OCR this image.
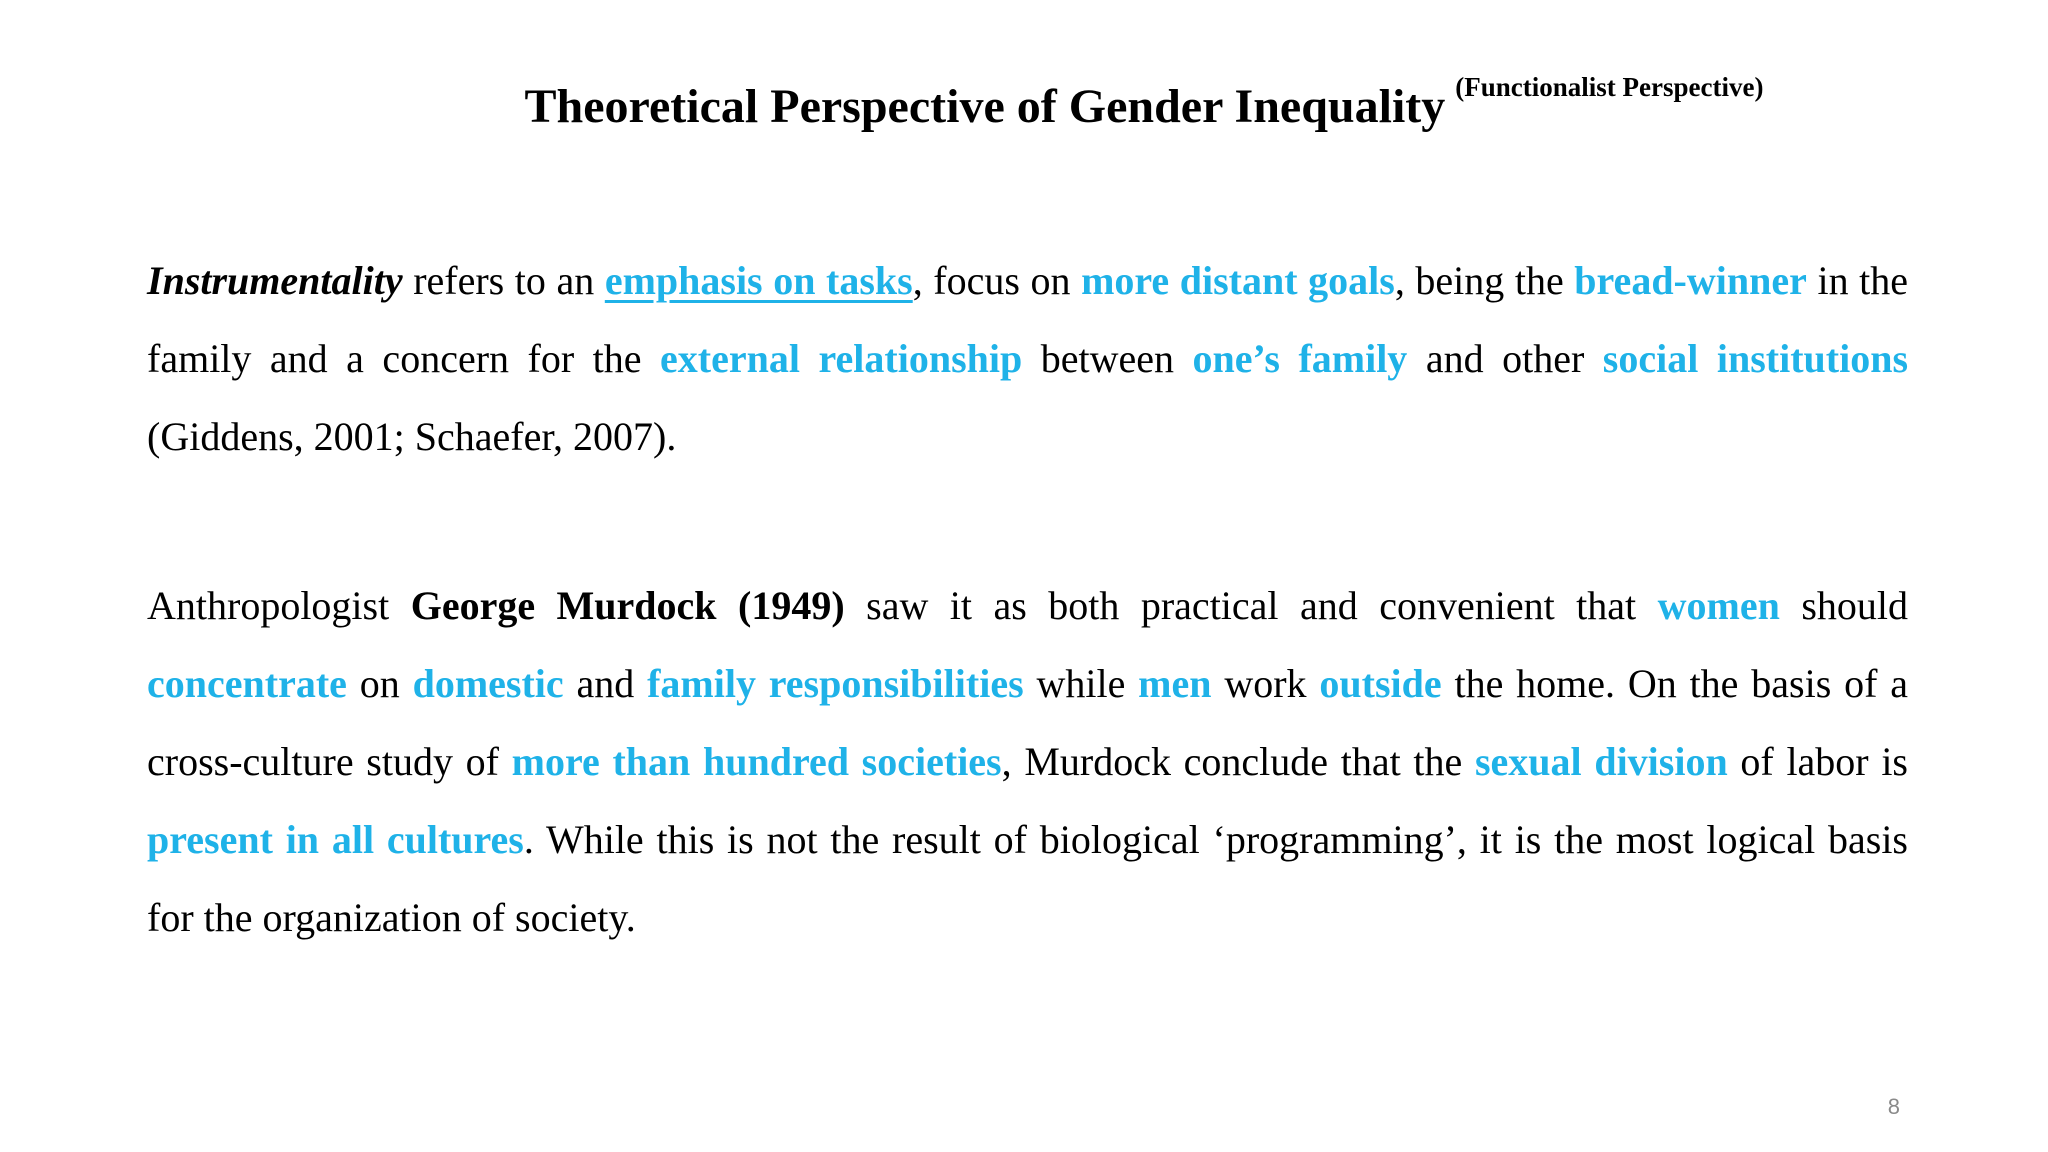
Theoretical Perspective of Gender Inequality (Functionalist Perspective)
Instrumentality refers to an emphasis on tasks, focus on more distant goals, being the bread-winner in the family and a concern for the external relationship between one’s family and other social institutions (Giddens, 2001; Schaefer, 2007).
Anthropologist George Murdock (1949) saw it as both practical and convenient that women should concentrate on domestic and family responsibilities while men work outside the home. On the basis of a cross-culture study of more than hundred societies, Murdock conclude that the sexual division of labor is present in all cultures. While this is not the result of biological ‘programming’, it is the most logical basis for the organization of society.
8
